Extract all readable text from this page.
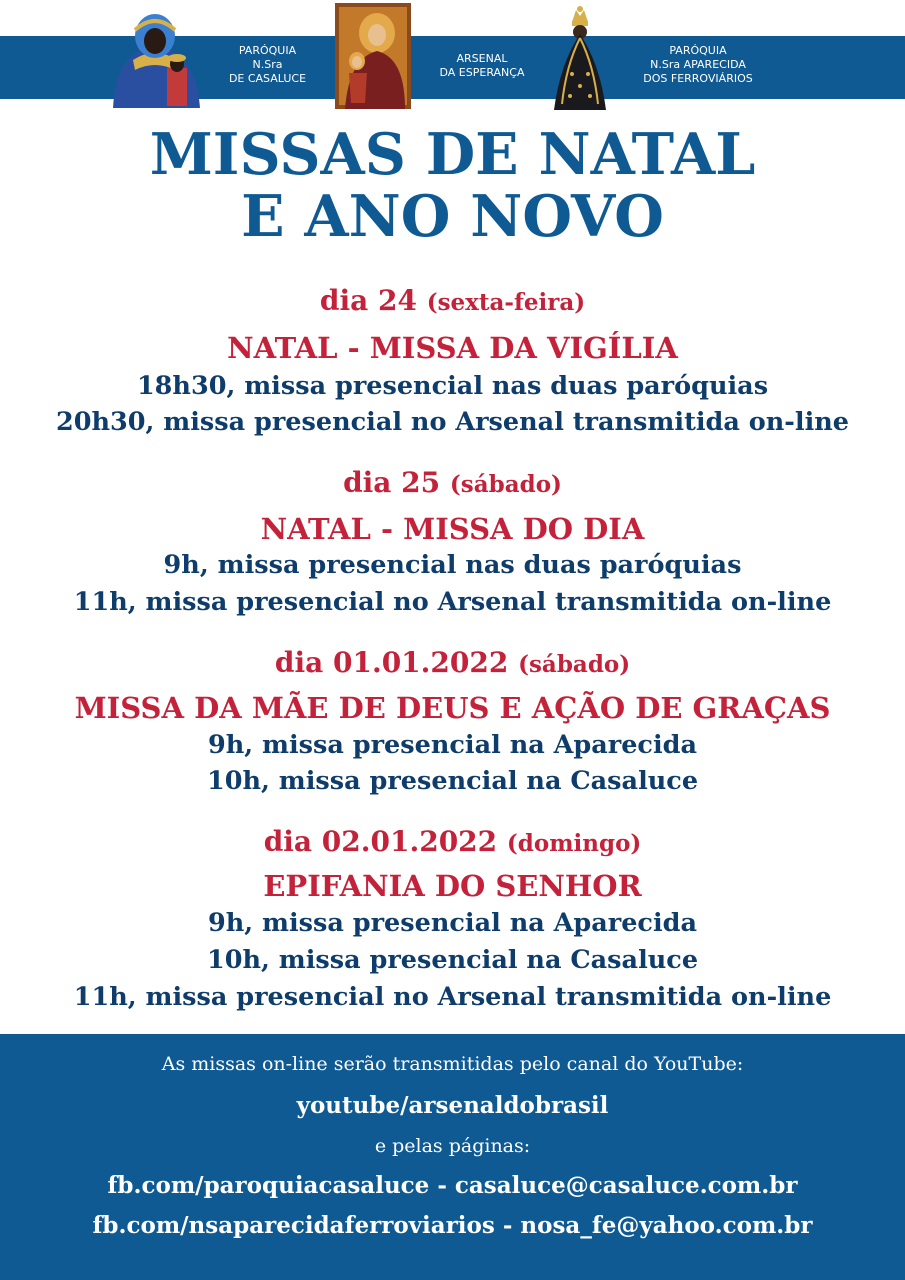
PARÓQUIA
N.Sra
DE CASALUCE
ARSENAL
DA ESPERANÇA
PARÓQUIA
N.Sra APARECIDA
DOS FERROVIÁRIOS
MISSAS DE NATAL
E ANO NOVO
dia 24 (sexta-feira)
NATAL - MISSA DA VIGÍLIA
18h30, missa presencial nas duas paróquias
20h30, missa presencial no Arsenal transmitida on-line
dia 25 (sábado)
NATAL - MISSA DO DIA
9h, missa presencial nas duas paróquias
11h, missa presencial no Arsenal transmitida on-line
dia 01.01.2022 (sábado)
MISSA DA MÃE DE DEUS E AÇÃO DE GRAÇAS
9h, missa presencial na Aparecida
10h, missa presencial na Casaluce
dia 02.01.2022 (domingo)
EPIFANIA DO SENHOR
9h, missa presencial na Aparecida
10h, missa presencial na Casaluce
11h, missa presencial no Arsenal transmitida on-line
As missas on-line serão transmitidas pelo canal do YouTube:
youtube/arsenaldobrasil
e pelas páginas:
fb.com/paroquiacasaluce - casaluce@casaluce.com.br
fb.com/nsaparecidaferroviarios - nosa_fe@yahoo.com.br
